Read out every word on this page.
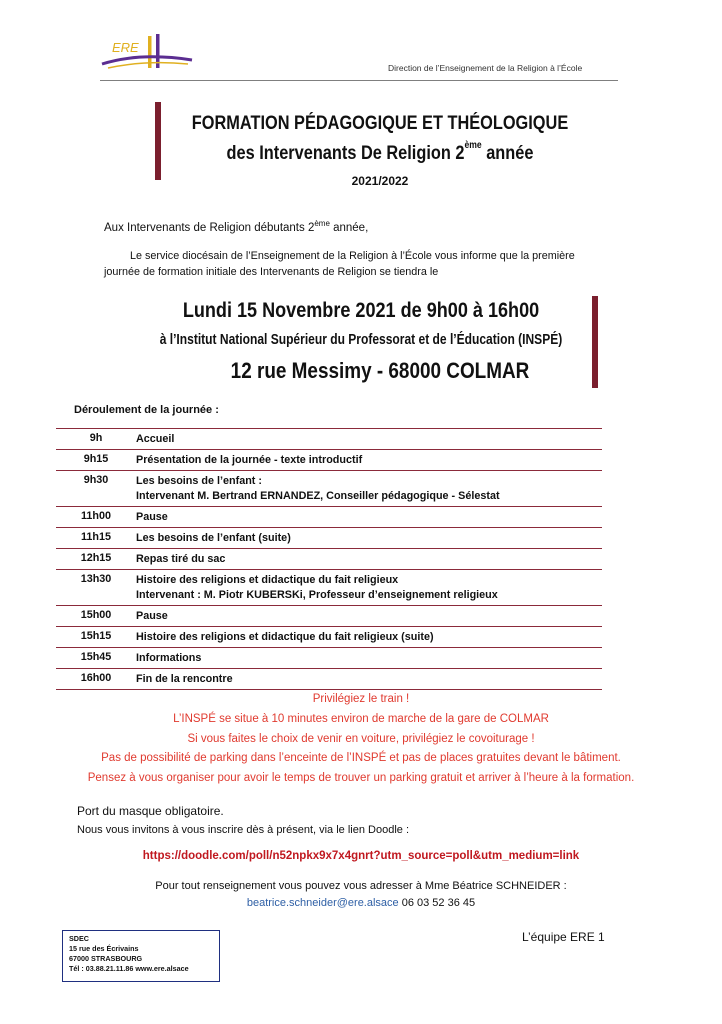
ERE
Direction de l’Enseignement de la Religion à l’École
FORMATION PÉDAGOGIQUE ET THÉOLOGIQUE
des Intervenants De Religion 2ème année
2021/2022
Aux Intervenants de Religion débutants 2ème année,
Le service diocésain de l’Enseignement de la Religion à l’École vous informe que la première
journée de formation initiale des Intervenants de Religion se tiendra le
Lundi 15 Novembre 2021 de 9h00 à 16h00
à l’Institut National Supérieur du Professorat et de l’Éducation (INSPÉ)
12 rue Messimy - 68000 COLMAR
Déroulement de la journée :
9h	Accueil
9h15	Présentation de la journée - texte introductif
9h30	Les besoins de l’enfant :
Intervenant M. Bertrand ERNANDEZ, Conseiller pédagogique - Sélestat
11h00	Pause
11h15	Les besoins de l’enfant (suite)
12h15	Repas tiré du sac
13h30	Histoire des religions et didactique du fait religieux
Intervenant : M. Piotr KUBERSKi, Professeur d’enseignement religieux
15h00	Pause
15h15	Histoire des religions et didactique du fait religieux (suite)
15h45	Informations
16h00	Fin de la rencontre
Privilégiez le train !
L’INSPÉ se situe à 10 minutes environ de marche de la gare de COLMAR
Si vous faites le choix de venir en voiture, privilégiez le covoiturage !
Pas de possibilité de parking dans l’enceinte de l’INSPÉ et pas de places gratuites devant le bâtiment.
Pensez à vous organiser pour avoir le temps de trouver un parking gratuit et arriver à l’heure à la formation.
Port du masque obligatoire.
Nous vous invitons à vous inscrire dès à présent, via le lien Doodle :
https://doodle.com/poll/n52npkx9x7x4gnrt?utm_source=poll&utm_medium=link
Pour tout renseignement vous pouvez vous adresser à Mme Béatrice SCHNEIDER :
beatrice.schneider@ere.alsace 06 03 52 36 45
L’équipe ERE 1
SDEC
15 rue des Écrivains
67000 STRASBOURG
Tél : 03.88.21.11.86 www.ere.alsace
